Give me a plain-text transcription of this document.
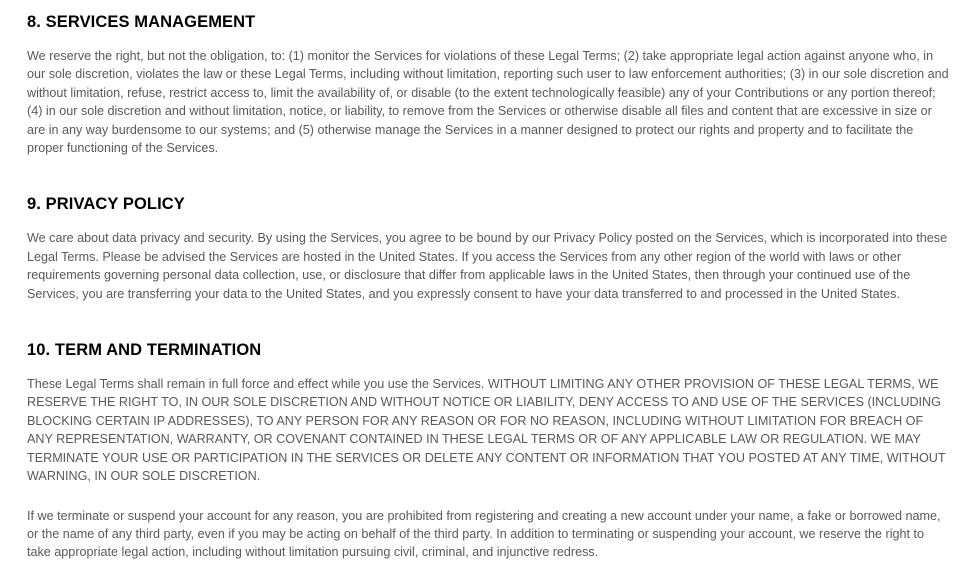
8. SERVICES MANAGEMENT

We reserve the right, but not the obligation, to: (1) monitor the Services for violations of these Legal Terms; (2) take appropriate legal action against anyone who, in our sole discretion, violates the law or these Legal Terms, including without limitation, reporting such user to law enforcement authorities; (3) in our sole discretion and without limitation, refuse, restrict access to, limit the availability of, or disable (to the extent technologically feasible) any of your Contributions or any portion thereof; (4) in our sole discretion and without limitation, notice, or liability, to remove from the Services or otherwise disable all files and content that are excessive in size or are in any way burdensome to our systems; and (5) otherwise manage the Services in a manner designed to protect our rights and property and to facilitate the proper functioning of the Services.

9. PRIVACY POLICY

We care about data privacy and security. By using the Services, you agree to be bound by our Privacy Policy posted on the Services, which is incorporated into these Legal Terms. Please be advised the Services are hosted in the United States. If you access the Services from any other region of the world with laws or other requirements governing personal data collection, use, or disclosure that differ from applicable laws in the United States, then through your continued use of the Services, you are transferring your data to the United States, and you expressly consent to have your data transferred to and processed in the United States.

10. TERM AND TERMINATION

These Legal Terms shall remain in full force and effect while you use the Services. WITHOUT LIMITING ANY OTHER PROVISION OF THESE LEGAL TERMS, WE RESERVE THE RIGHT TO, IN OUR SOLE DISCRETION AND WITHOUT NOTICE OR LIABILITY, DENY ACCESS TO AND USE OF THE SERVICES (INCLUDING BLOCKING CERTAIN IP ADDRESSES), TO ANY PERSON FOR ANY REASON OR FOR NO REASON, INCLUDING WITHOUT LIMITATION FOR BREACH OF ANY REPRESENTATION, WARRANTY, OR COVENANT CONTAINED IN THESE LEGAL TERMS OR OF ANY APPLICABLE LAW OR REGULATION. WE MAY TERMINATE YOUR USE OR PARTICIPATION IN THE SERVICES OR DELETE ANY CONTENT OR INFORMATION THAT YOU POSTED AT ANY TIME, WITHOUT WARNING, IN OUR SOLE DISCRETION.

If we terminate or suspend your account for any reason, you are prohibited from registering and creating a new account under your name, a fake or borrowed name, or the name of any third party, even if you may be acting on behalf of the third party. In addition to terminating or suspending your account, we reserve the right to take appropriate legal action, including without limitation pursuing civil, criminal, and injunctive redress.
